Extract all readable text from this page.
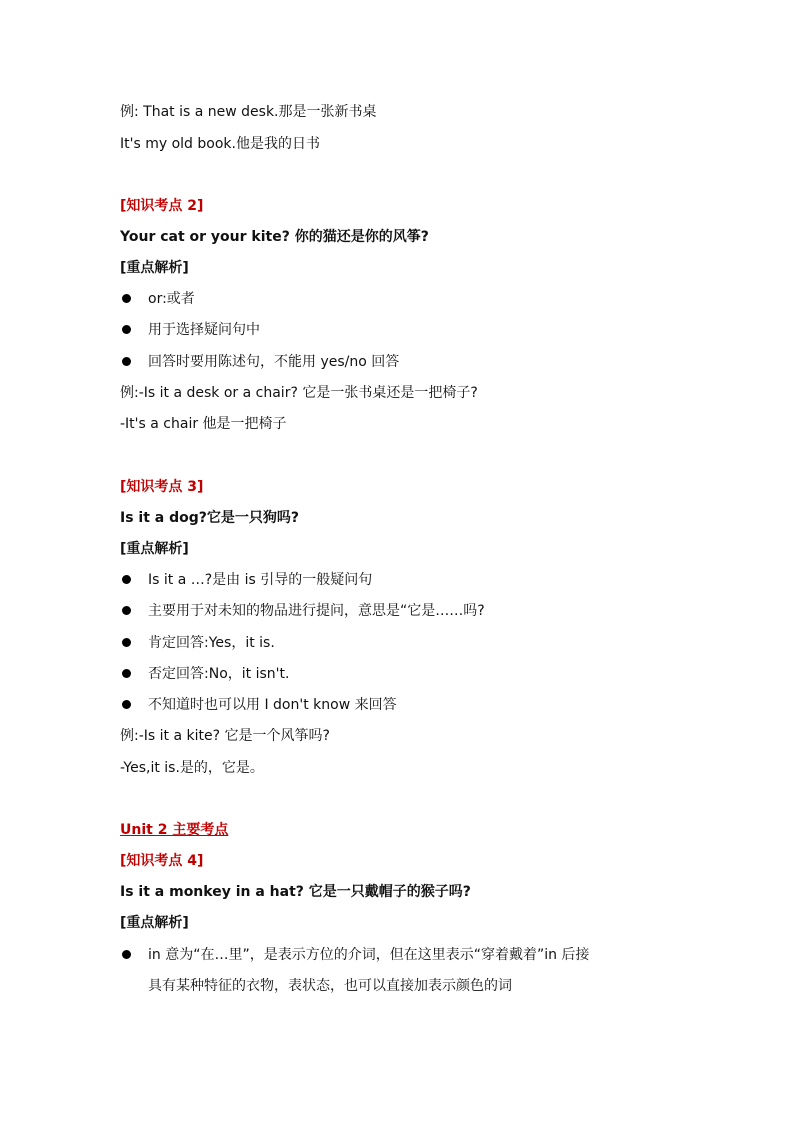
例: That is a new desk.那是一张新书桌
It's my old book.他是我的日书
[知识考点 2]
Your cat or your kite? 你的猫还是你的风筝?
[重点解析]
or:或者
用于选择疑问句中
回答时要用陈述句，不能用 yes/no 回答
例:-Is it a desk or a chair? 它是一张书桌还是一把椅子?
-It's a chair 他是一把椅子
[知识考点 3]
Is it a dog?它是一只狗吗?
[重点解析]
Is it a …?是由 is 引导的一般疑问句
主要用于对未知的物品进行提问，意思是“它是……吗?
肯定回答:Yes，it is.
否定回答:No，it isn't.
不知道时也可以用 I don't know 来回答
例:-Is it a kite? 它是一个风筝吗?
-Yes,it is.是的，它是。
Unit 2 主要考点
[知识考点 4]
Is it a monkey in a hat? 它是一只戴帽子的猴子吗?
[重点解析]
in 意为“在…里”，是表示方位的介词，但在这里表示“穿着戴着”in 后接
具有某种特征的衣物，表状态，也可以直接加表示颜色的词
